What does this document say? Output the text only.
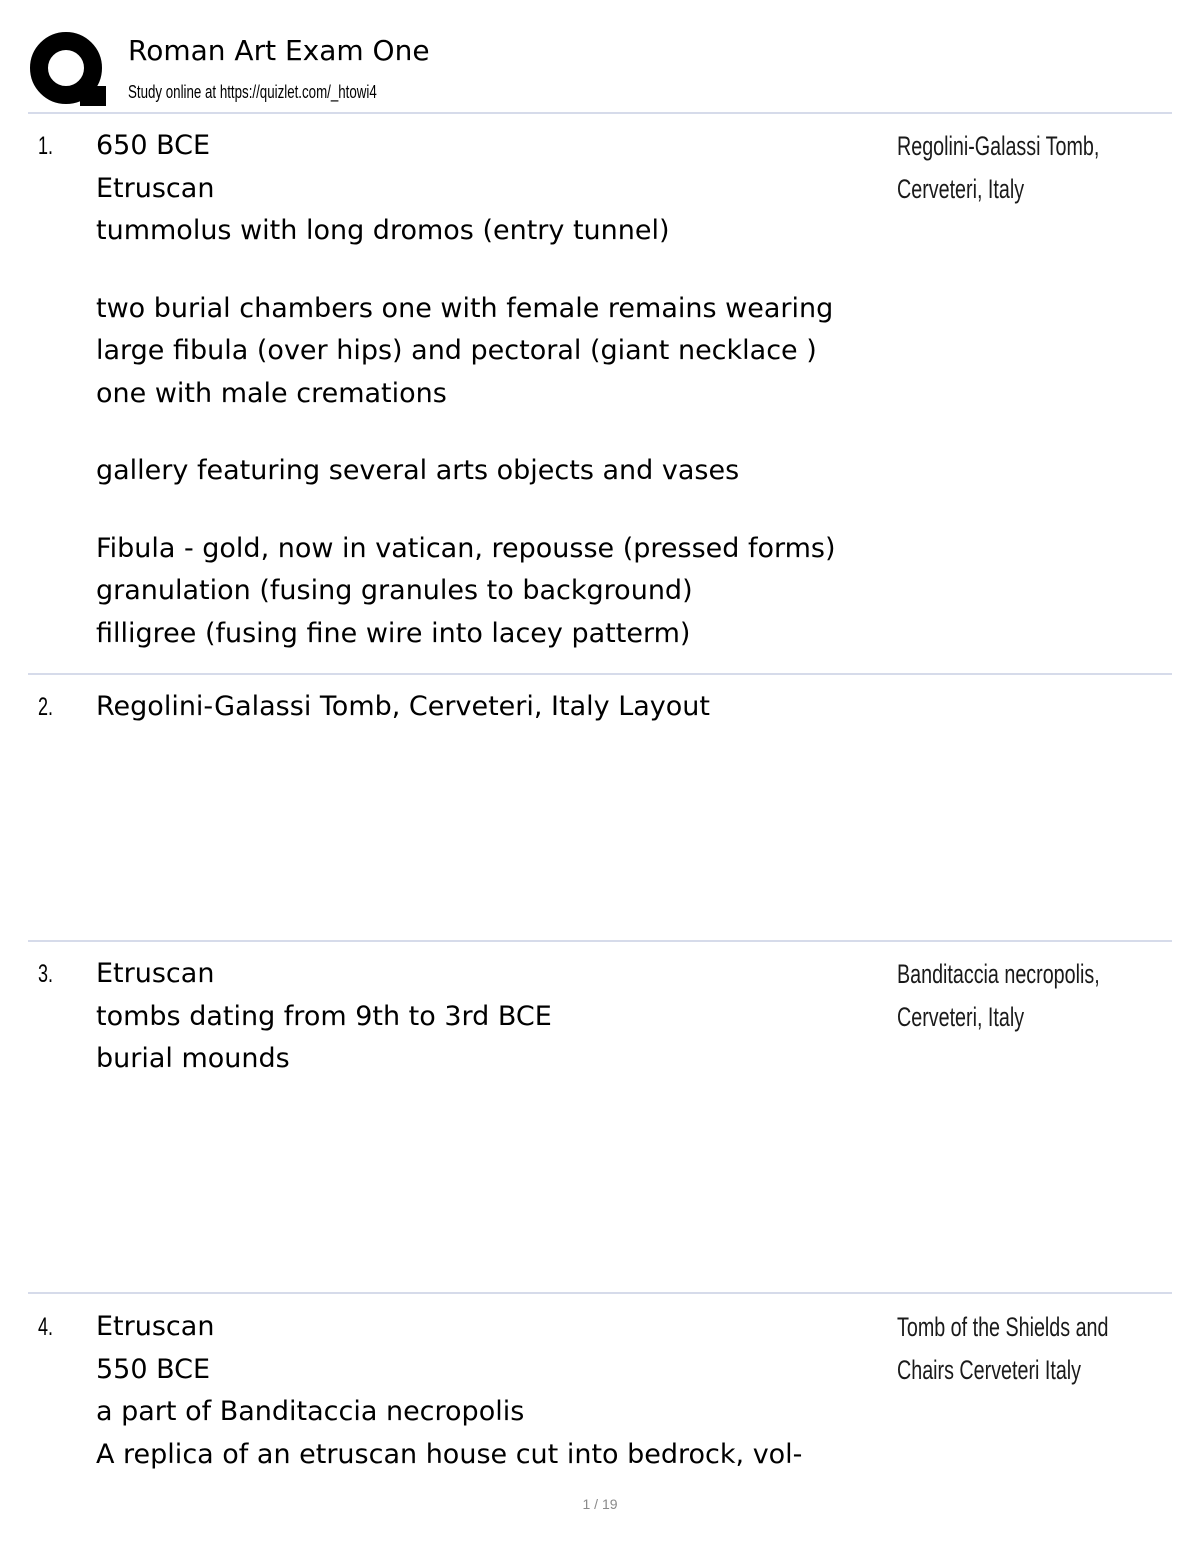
Roman Art Exam One
Study online at https://quizlet.com/_htowi4
1. 650 BCE

Etruscan

tummolus with long dromos (entry tunnel)

two burial chambers one with female remains wearing

large fibula (over hips) and pectoral (giant necklace )

one with male cremations

gallery featuring several arts objects and vases

Fibula - gold, now in vatican, repousse (pressed forms)

granulation (fusing granules to background)

filligree (fusing fine wire into lacey patterm)

Regolini-Galassi Tomb,
Cerveteri, Italy
2. Regolini-Galassi Tomb, Cerveteri, Italy Layout

3. Etruscan

tombs dating from 9th to 3rd BCE

burial mounds

Banditaccia necropolis,
Cerveteri, Italy
4. Etruscan

550 BCE

a part of Banditaccia necropolis

A replica of an etruscan house cut into bedrock, vol-

Tomb of the Shields and
Chairs Cerveteri Italy
1 / 19
